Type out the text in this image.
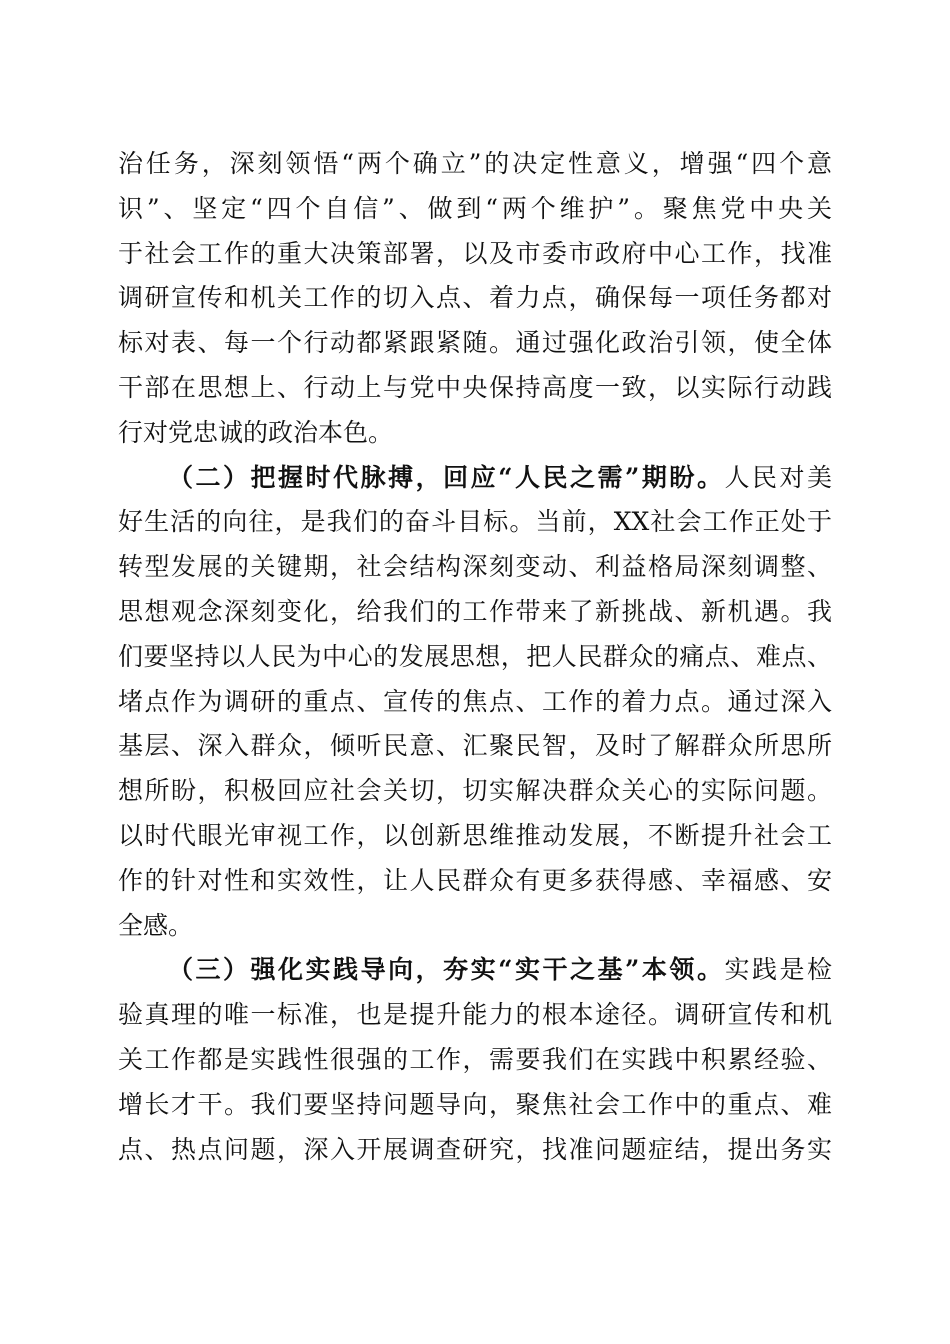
治任务，深刻领悟“两个确立”的决定性意义，增强“四个意
识”、坚定“四个自信”、做到“两个维护”。聚焦党中央关
于社会工作的重大决策部署，以及市委市政府中心工作，找准
调研宣传和机关工作的切入点、着力点，确保每一项任务都对
标对表、每一个行动都紧跟紧随。通过强化政治引领，使全体
干部在思想上、行动上与党中央保持高度一致，以实际行动践
行对党忠诚的政治本色。
（二）把握时代脉搏，回应“人民之需”期盼。人民对美
好生活的向往，是我们的奋斗目标。当前，XX社会工作正处于
转型发展的关键期，社会结构深刻变动、利益格局深刻调整、
思想观念深刻变化，给我们的工作带来了新挑战、新机遇。我
们要坚持以人民为中心的发展思想，把人民群众的痛点、难点、
堵点作为调研的重点、宣传的焦点、工作的着力点。通过深入
基层、深入群众，倾听民意、汇聚民智，及时了解群众所思所
想所盼，积极回应社会关切，切实解决群众关心的实际问题。
以时代眼光审视工作，以创新思维推动发展，不断提升社会工
作的针对性和实效性，让人民群众有更多获得感、幸福感、安
全感。
（三）强化实践导向，夯实“实干之基”本领。实践是检
验真理的唯一标准，也是提升能力的根本途径。调研宣传和机
关工作都是实践性很强的工作，需要我们在实践中积累经验、
增长才干。我们要坚持问题导向，聚焦社会工作中的重点、难
点、热点问题，深入开展调查研究，找准问题症结，提出务实
